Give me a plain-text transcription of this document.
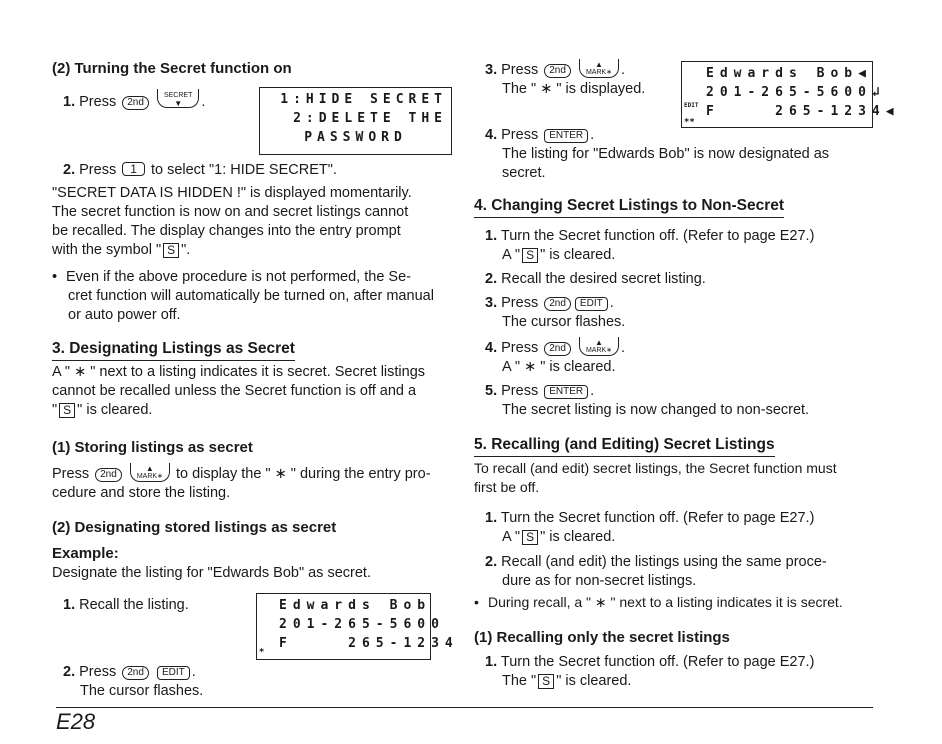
(2) Turning the Secret function on
1. Press 2nd SECRET
▼	.	1:HIDE SECRET
2:DELETE THE
PASSWORD
2. Press 1 to select "1: HIDE SECRET".
"SECRET DATA IS HIDDEN !" is displayed momentarily.
The secret function is now on and secret listings cannot
be recalled. The display changes into the entry prompt
with the symbol " S ".
• Even if the above procedure is not performed, the Se-
cret function will automatically be turned on, after manual
or auto power off.
3. Designating Listings as Secret
A " ∗ " next to a listing indicates it is secret. Secret listings
cannot be recalled unless the Secret function is off and a
" S " is cleared.
(1) Storing listings as secret
Press 2nd
▲
MARK∗ to display the " ∗ " during the entry pro-
cedure and store the listing.
(2) Designating stored listings as secret
Example:
Designate the listing for "Edwards Bob" as secret.
1. Recall the listing.	Edwards Bob
201-265-5600
F    265-1234
∗
2. Press 2nd EDIT .
The cursor flashes.
3. Press 2nd
▲
MARK∗ .
The " ∗ " is displayed.
Edwards Bob◀
201-265-5600↲
F    265-1234◀
EDIT
∗∗
4. Press ENTER .
The listing for "Edwards Bob" is now designated as
secret.
4. Changing Secret Listings to Non-Secret
1. Turn the Secret function off. (Refer to page E27.)
A " S " is cleared.
2. Recall the desired secret listing.
3. Press 2nd EDIT .
The cursor flashes.
4. Press 2nd
▲
MARK∗ .
A " ∗ " is cleared.
5. Press ENTER .
The secret listing is now changed to non-secret.
5. Recalling (and Editing) Secret Listings
To recall (and edit) secret listings, the Secret function must
first be off.
1. Turn the Secret function off. (Refer to page E27.)
A " S " is cleared.
2. Recall (and edit) the listings using the same proce-
dure as for non-secret listings.
• During recall, a " ∗ " next to a listing indicates it is secret.
(1) Recalling only the secret listings
1. Turn the Secret function off. (Refer to page E27.)
The " S " is cleared.
E28
